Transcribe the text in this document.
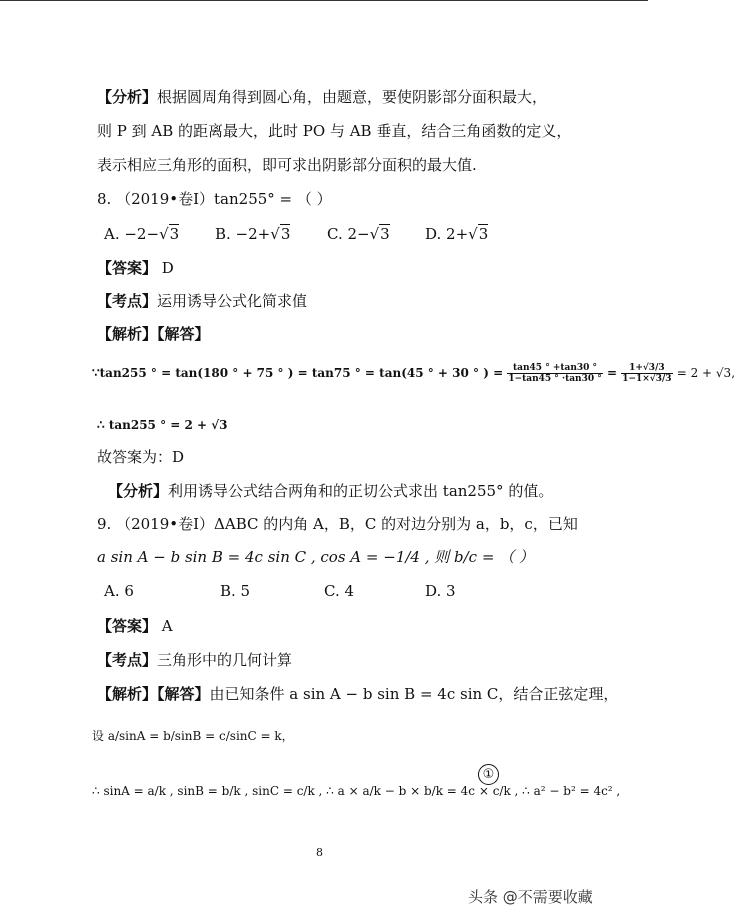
【分析】根据圆周角得到圆心角，由题意，要使阴影部分面积最大，
则 P 到 AB 的距离最大，此时 PO 与 AB 垂直，结合三角函数的定义，
表示相应三角形的面积，即可求出阴影部分面积的最大值.
8. （2019•卷Ⅰ）tan255° = （ ）
A. −2−√3 B. −2+√3 C. 2−√3 D. 2+√3
【答案】 D
【考点】运用诱导公式化简求值
【解析】【解答】
∵tan255 ° = tan(180 ° + 75 ° ) = tan75 ° = tan(45 ° + 30 ° ) = $\frac{\tan 45 ^\circ +\tan 30 ^\circ}{1-\tan 45 ^\circ \cdot\tan 30 ^\circ} = \frac{1+√3/3}{1-1\times√3/3} = 2 + √3$,
∴ tan255 ° = 2 + √3
故答案为：D
【分析】利用诱导公式结合两角和的正切公式求出 tan255° 的值。
9. （2019•卷Ⅰ）ΔABC 的内角 A，B，C 的对边分别为 a，b，c，已知
a sin A − b sin B = 4c sin C , cos A = −1/4 , 则 b/c = （ ）
A. 6	B. 5	C. 4	D. 3
【答案】 A
【考点】三角形中的几何计算
【解析】【解答】由已知条件 a sin A − b sin B = 4c sin C，结合正弦定理，
设 a/sinA = b/sinB = c/sinC = k，
∴ sinA = a/k , sinB = b/k , sinC = c/k , ∴ a × a/k − b × b/k = 4c × c/k , ∴ a² − b² = 4c² ,
①
8
头条 @不需要收藏
